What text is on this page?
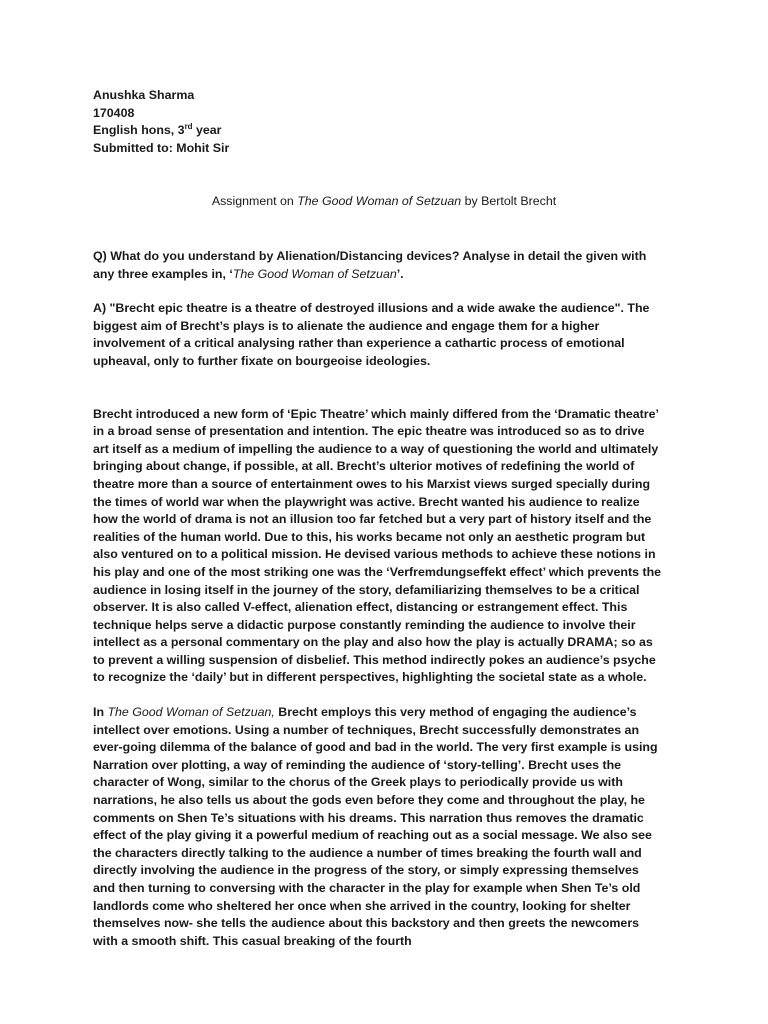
Anushka Sharma
170408
English hons, 3rd year
Submitted to: Mohit Sir
Assignment on The Good Woman of Setzuan by Bertolt Brecht

Q) What do you understand by Alienation/Distancing devices? Analyse in detail the given with any three examples in, ‘The Good Woman of Setzuan’.

A) "Brecht epic theatre is a theatre of destroyed illusions and a wide awake the audience". The biggest aim of Brecht’s plays is to alienate the audience and engage them for a higher involvement of a critical analysing rather than experience a cathartic process of emotional upheaval, only to further fixate on bourgeoise ideologies.

Brecht introduced a new form of ‘Epic Theatre’ which mainly differed from the ‘Dramatic theatre’ in a broad sense of presentation and intention. The epic theatre was introduced so as to drive art itself as a medium of impelling the audience to a way of questioning the world and ultimately bringing about change, if possible, at all. Brecht’s ulterior motives of redefining the world of theatre more than a source of entertainment owes to his Marxist views surged specially during the times of world war when the playwright was active. Brecht wanted his audience to realize how the world of drama is not an illusion too far fetched but a very part of history itself and the realities of the human world. Due to this, his works became not only an aesthetic program but also ventured on to a political mission. He devised various methods to achieve these notions in his play and one of the most striking one was the ‘Verfremdungseffekt effect’ which prevents the audience in losing itself in the journey of the story, defamiliarizing themselves to be a critical observer. It is also called V-effect, alienation effect, distancing or estrangement effect. This technique helps serve a didactic purpose constantly reminding the audience to involve their intellect as a personal commentary on the play and also how the play is actually DRAMA; so as to prevent a willing suspension of disbelief. This method indirectly pokes an audience’s psyche to recognize the ‘daily’ but in different perspectives, highlighting the societal state as a whole.

In The Good Woman of Setzuan, Brecht employs this very method of engaging the audience’s intellect over emotions. Using a number of techniques, Brecht successfully demonstrates an ever-going dilemma of the balance of good and bad in the world. The very first example is using Narration over plotting, a way of reminding the audience of ‘story-telling’. Brecht uses the character of Wong, similar to the chorus of the Greek plays to periodically provide us with narrations, he also tells us about the gods even before they come and throughout the play, he comments on Shen Te’s situations with his dreams. This narration thus removes the dramatic effect of the play giving it a powerful medium of reaching out as a social message. We also see the characters directly talking to the audience a number of times breaking the fourth wall and directly involving the audience in the progress of the story, or simply expressing themselves and then turning to conversing with the character in the play for example when Shen Te’s old landlords come who sheltered her once when she arrived in the country, looking for shelter themselves now- she tells the audience about this backstory and then greets the newcomers with a smooth shift. This casual breaking of the fourth
